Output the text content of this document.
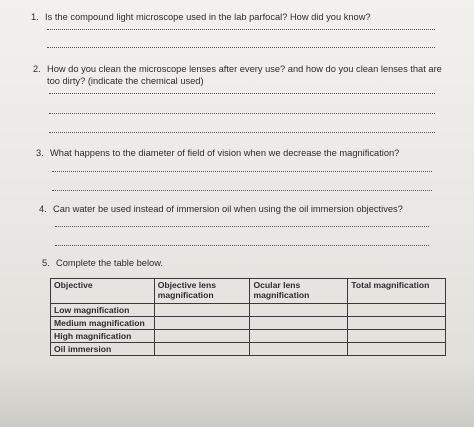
1. Is the compound light microscope used in the lab parfocal? How did you know?
2. How do you clean the microscope lenses after every use? and how do you clean lenses that are
too dirty? (indicate the chemical used)
3. What happens to the diameter of field of vision when we decrease the magnification?
4. Can water be used instead of immersion oil when using the oil immersion objectives?
5. Complete the table below.
Objective	Objective lens magnification	Ocular lens magnification	Total magnification
Low magnification			
Medium magnification			
High magnification			
Oil immersion			
